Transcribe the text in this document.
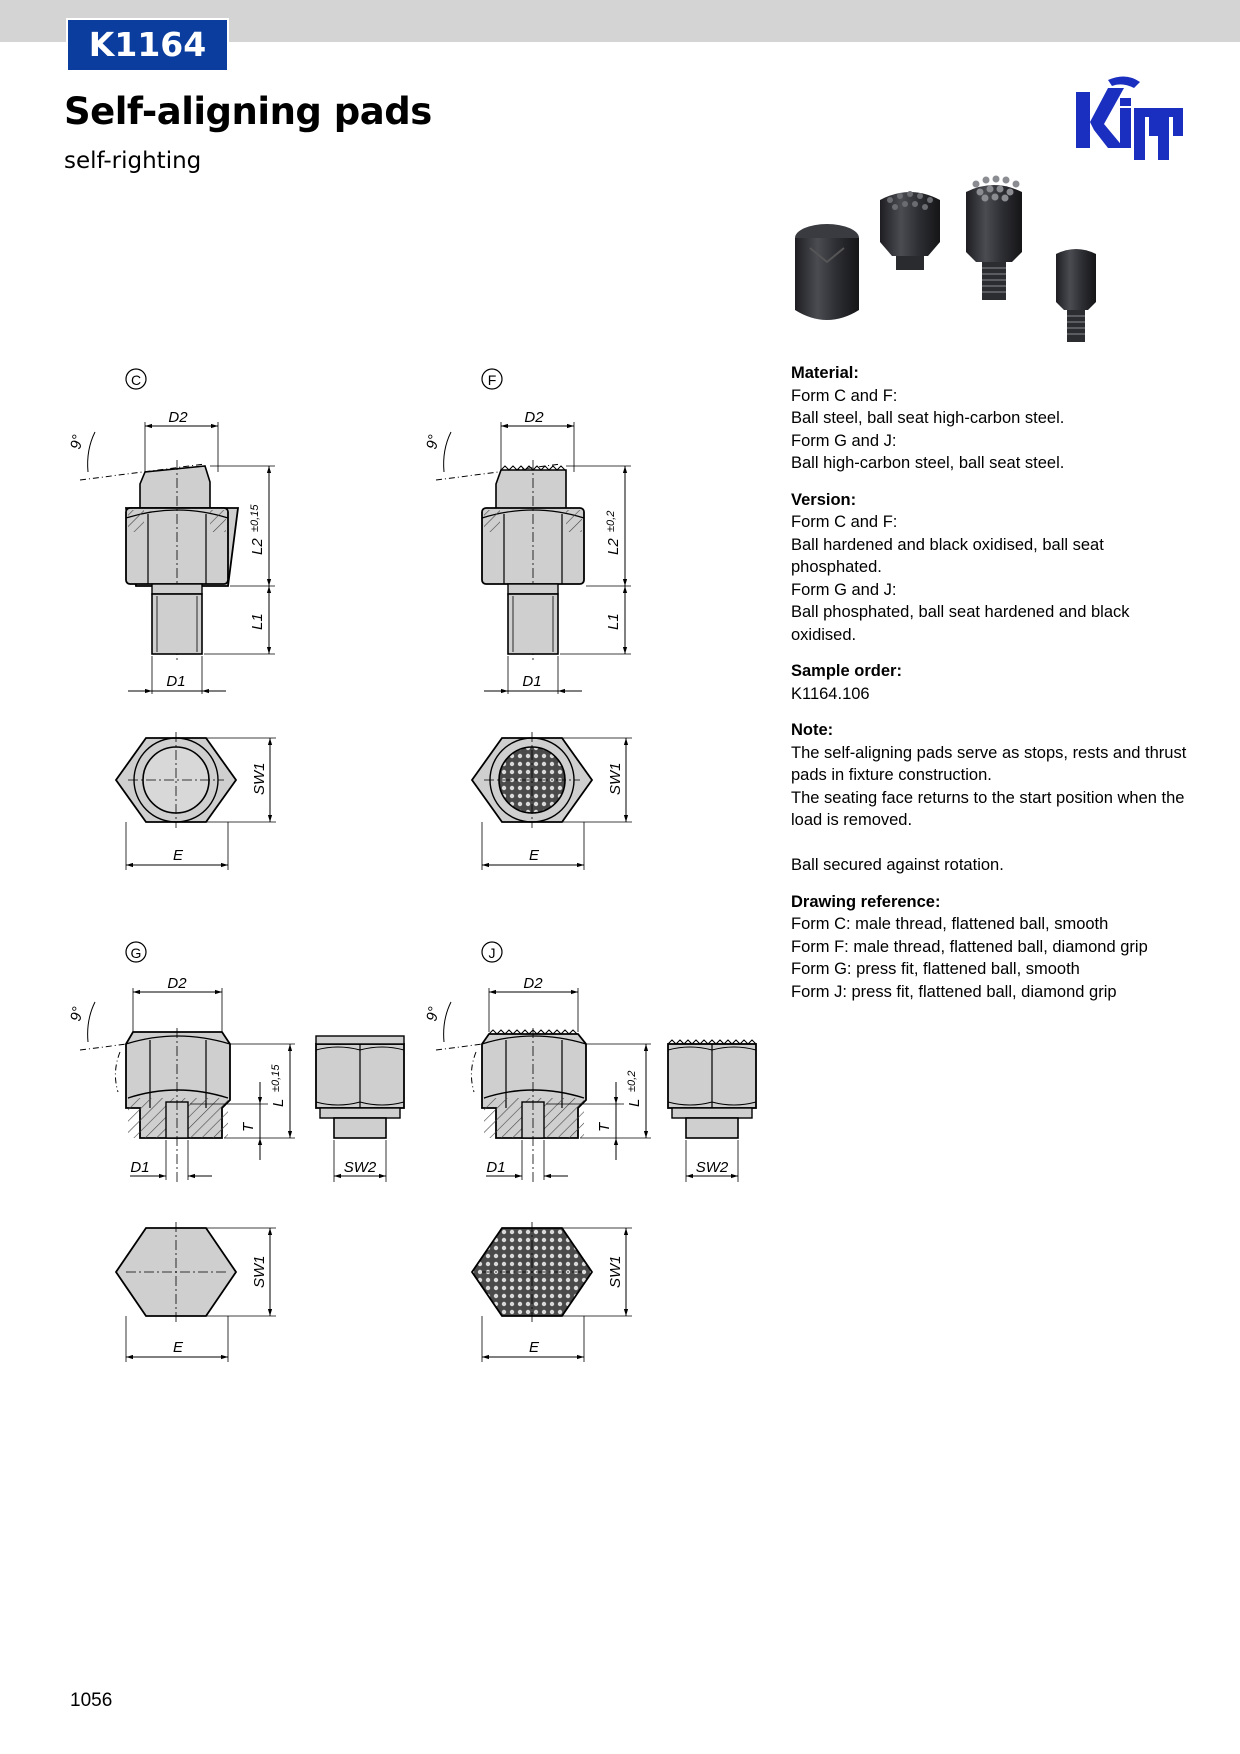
K1164
Self-aligning pads
self-righting
Kipp
C
9°
D2
L2
±0,15
L1
D1
SW1
E
F
9°
D2
L2
±0,2
L1
D1
SW1
E
G
9°
D2
L
±0,15
T
D1	SW2
SW1
E
J
9°
D2
L
±0,2
T
D1	SW2
SW1
E
Material:
Form C and F:
Ball steel, ball seat high-carbon steel.
Form G and J:
Ball high-carbon steel, ball seat steel.
Version:
Form C and F:
Ball hardened and black oxidised, ball seat
phosphated.
Form G and J:
Ball phosphated, ball seat hardened and black
oxidised.
Sample order:
K1164.106
Note:
The self-aligning pads serve as stops, rests and thrust
pads in fixture construction.
The seating face returns to the start position when the
load is removed.
Ball secured against rotation.
Drawing reference:
Form C: male thread, flattened ball, smooth
Form F: male thread, flattened ball, diamond grip
Form G: press fit, flattened ball, smooth
Form J: press fit, flattened ball, diamond grip
1056
